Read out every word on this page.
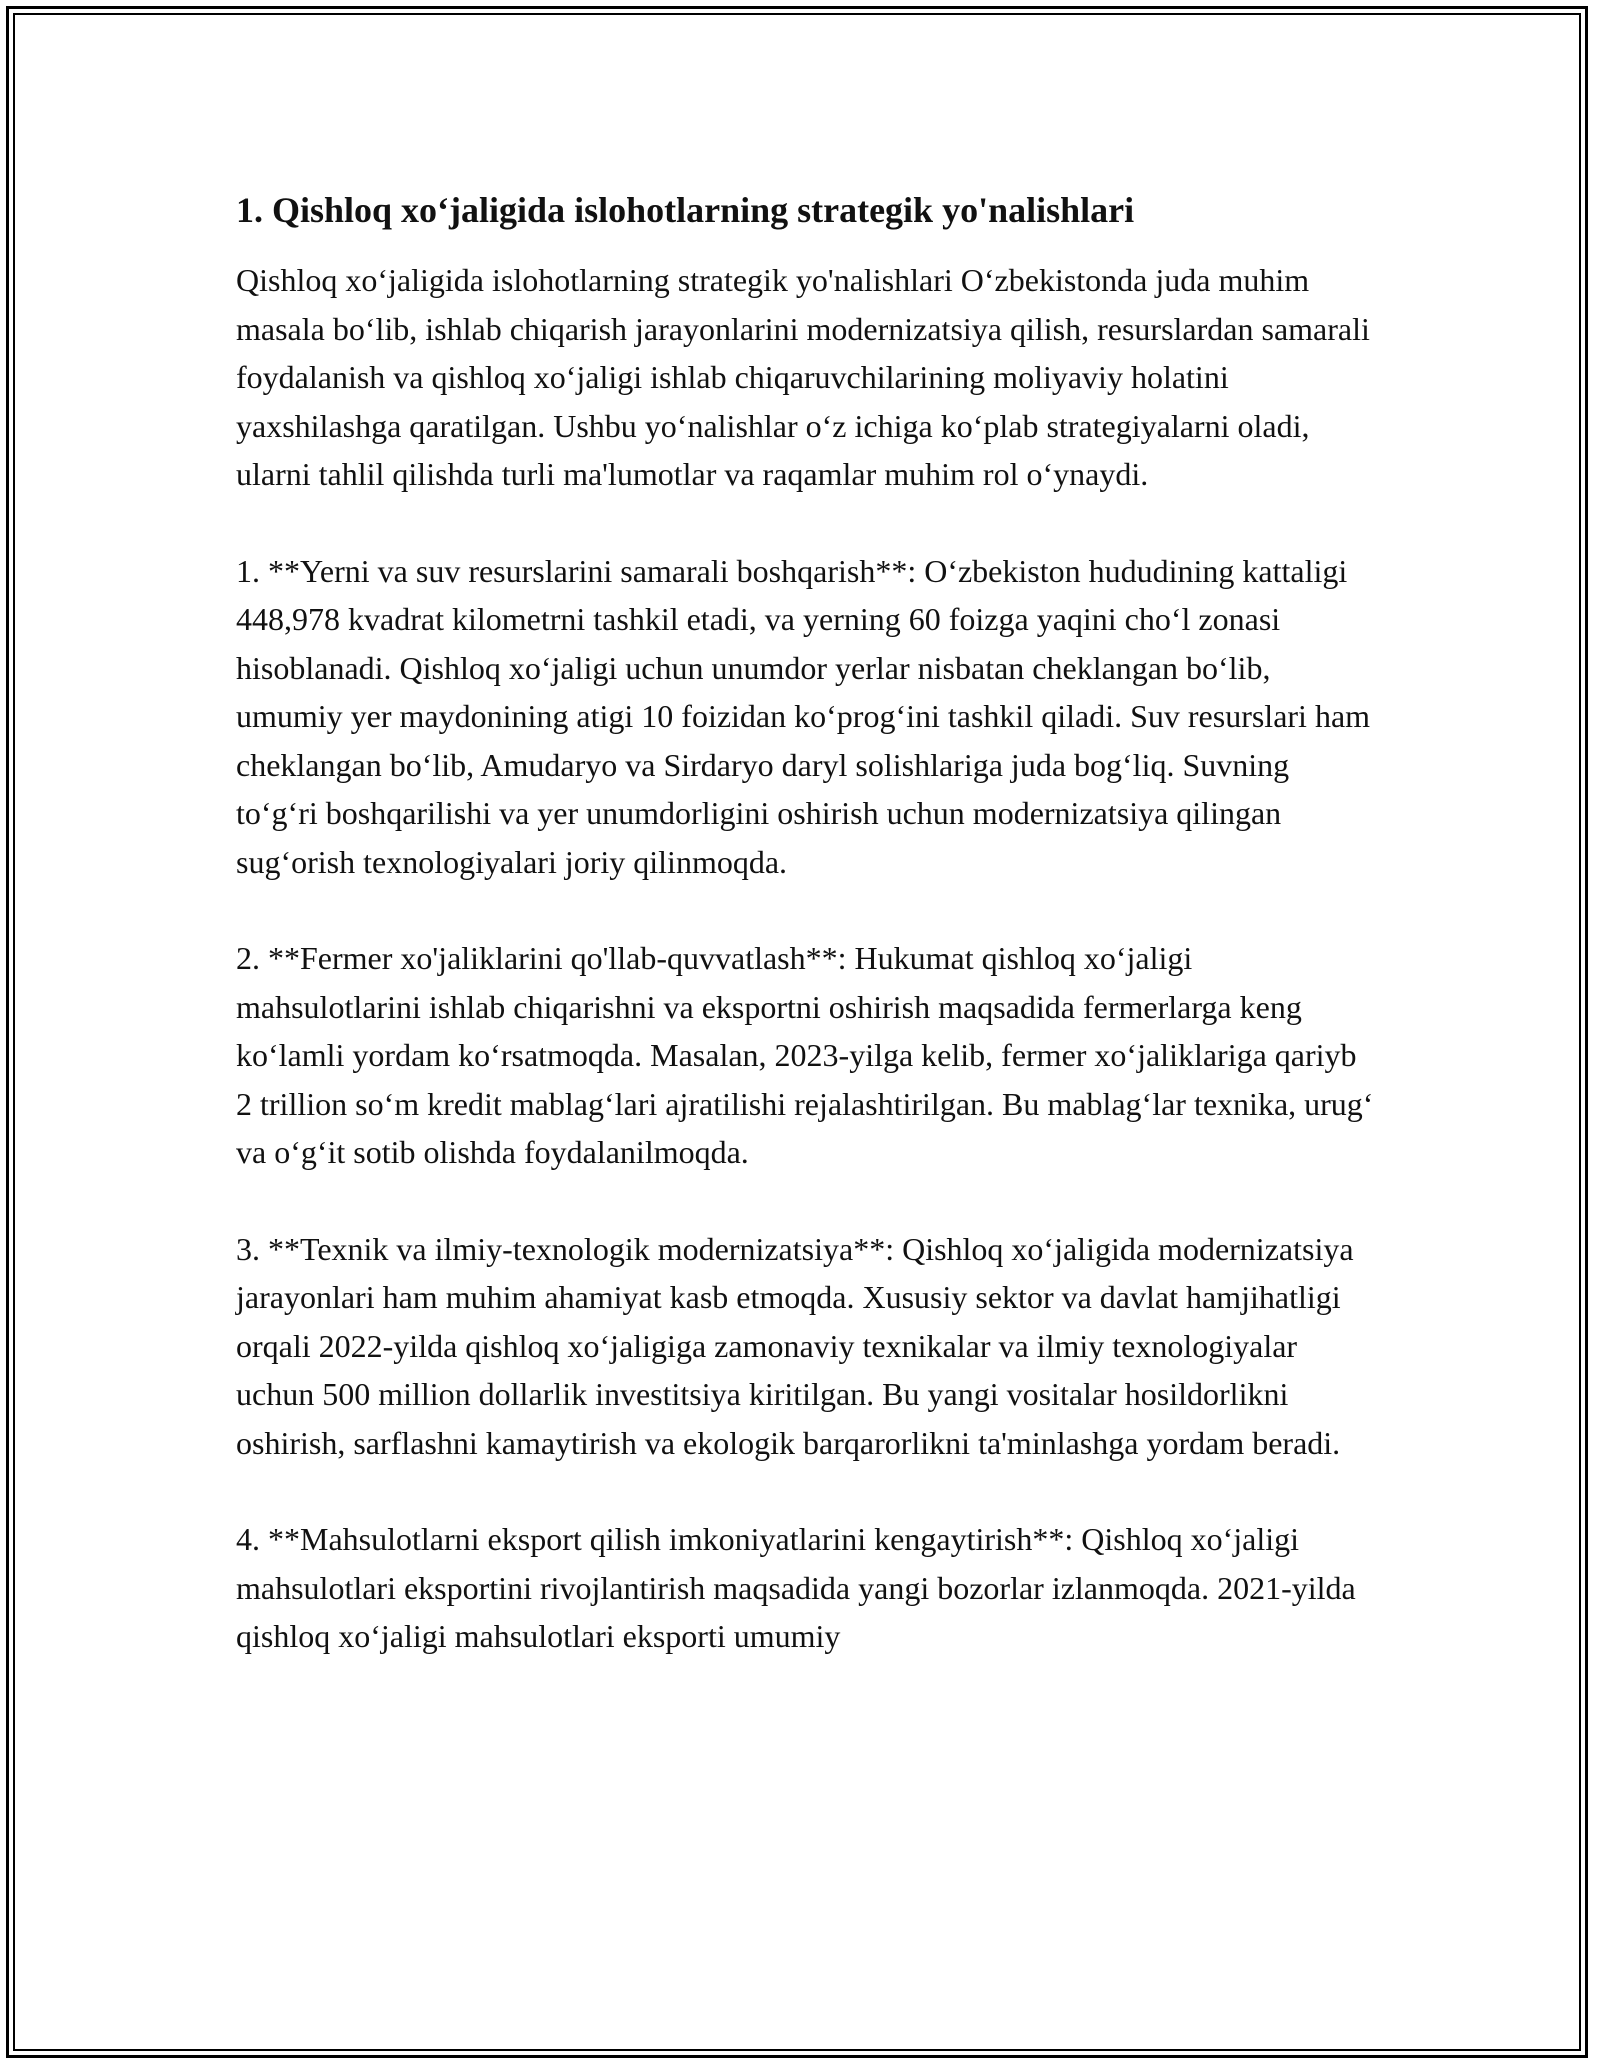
1. Qishloq xo‘jaligida islohotlarning strategik yo'nalishlari

Qishloq xo‘jaligida islohotlarning strategik yo'nalishlari O‘zbekistonda juda muhim masala bo‘lib, ishlab chiqarish jarayonlarini modernizatsiya qilish, resurslardan samarali foydalanish va qishloq xo‘jaligi ishlab chiqaruvchilarining moliyaviy holatini yaxshilashga qaratilgan. Ushbu yo‘nalishlar o‘z ichiga ko‘plab strategiyalarni oladi, ularni tahlil qilishda turli ma'lumotlar va raqamlar muhim rol o‘ynaydi.

1. **Yerni va suv resurslarini samarali boshqarish**: O‘zbekiston hududining kattaligi 448,978 kvadrat kilometrni tashkil etadi, va yerning 60 foizga yaqini cho‘l zonasi hisoblanadi. Qishloq xo‘jaligi uchun unumdor yerlar nisbatan cheklangan bo‘lib, umumiy yer maydonining atigi 10 foizidan ko‘prog‘ini tashkil qiladi. Suv resurslari ham cheklangan bo‘lib, Amudaryo va Sirdaryo daryl solishlariga juda bog‘liq. Suvning to‘g‘ri boshqarilishi va yer unumdorligini oshirish uchun modernizatsiya qilingan sug‘orish texnologiyalari joriy qilinmoqda.

2. **Fermer xo'jaliklarini qo'llab-quvvatlash**: Hukumat qishloq xo‘jaligi mahsulotlarini ishlab chiqarishni va eksportni oshirish maqsadida fermerlarga keng ko‘lamli yordam ko‘rsatmoqda. Masalan, 2023-yilga kelib, fermer xo‘jaliklariga qariyb 2 trillion so‘m kredit mablag‘lari ajratilishi rejalashtirilgan. Bu mablag‘lar texnika, urug‘ va o‘g‘it sotib olishda foydalanilmoqda.

3. **Texnik va ilmiy-texnologik modernizatsiya**: Qishloq xo‘jaligida modernizatsiya jarayonlari ham muhim ahamiyat kasb etmoqda. Xususiy sektor va davlat hamjihatligi orqali 2022-yilda qishloq xo‘jaligiga zamonaviy texnikalar va ilmiy texnologiyalar uchun 500 million dollarlik investitsiya kiritilgan. Bu yangi vositalar hosildorlikni oshirish, sarflashni kamaytirish va ekologik barqarorlikni ta'minlashga yordam beradi.

4. **Mahsulotlarni eksport qilish imkoniyatlarini kengaytirish**: Qishloq xo‘jaligi mahsulotlari eksportini rivojlantirish maqsadida yangi bozorlar izlanmoqda. 2021-yilda qishloq xo‘jaligi mahsulotlari eksporti umumiy
